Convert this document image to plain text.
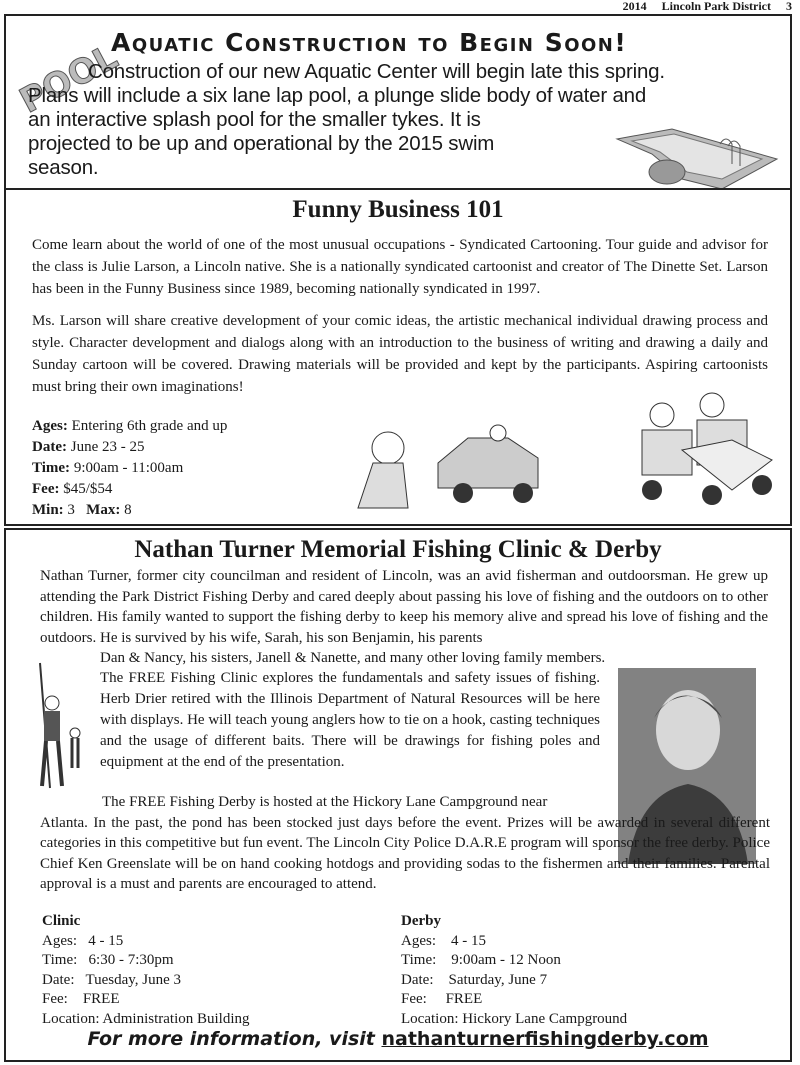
2014 Lincoln Park District 3
POOL
Aquatic Construction to Begin Soon!
Construction of our new Aquatic Center will begin late this spring.
Plans will include a six lane lap pool, a plunge slide body of water and
an interactive splash pool for the smaller tykes. It is
projected to be up and operational by the 2015 swim
season.
Funny Business 101

Come learn about the world of one of the most unusual occupations - Syndicated Cartooning. Tour guide and advisor for the class is Julie Larson, a Lincoln native. She is a nationally syndicated cartoonist and creator of The Dinette Set. Larson has been in the Funny Business since 1989, becoming nationally syndicated in 1997.

Ms. Larson will share creative development of your comic ideas, the artistic mechanical individual drawing process and style. Character development and dialogs along with an introduction to the business of writing and drawing a daily and Sunday cartoon will be covered. Drawing materials will be provided and kept by the participants. Aspiring cartoonists must bring their own imaginations!

Ages: Entering 6th grade and up
Date: June 23 - 25
Time: 9:00am - 11:00am
Fee: $45/$54
Min: 3 Max: 8
Nathan Turner Memorial Fishing Clinic & Derby

Nathan Turner, former city councilman and resident of Lincoln, was an avid fisherman and outdoorsman. He grew up attending the Park District Fishing Derby and cared deeply about passing his love of fishing and the outdoors on to other children. His family wanted to support the fishing derby to keep his memory alive and spread his love of fishing and the outdoors. He is survived by his wife, Sarah, his son Benjamin, his parents
Dan & Nancy, his sisters, Janell & Nanette, and many other loving family members.

The FREE Fishing Clinic explores the fundamentals and safety issues of fishing. Herb Drier retired with the Illinois Department of Natural Resources will be here with displays. He will teach young anglers how to tie on a hook, casting techniques and the usage of different baits. There will be drawings for fishing poles and equipment at the end of the presentation.
The FREE Fishing Derby is hosted at the Hickory Lane Campground near
Atlanta. In the past, the pond has been stocked just days before the event. Prizes will be awarded in several different categories in this competitive but fun event. The Lincoln City Police D.A.R.E program will sponsor the free derby. Police Chief Ken Greenslate will be on hand cooking hotdogs and providing sodas to the fishermen and their families. Parental approval is a must and parents are encouraged to attend.
Clinic
Ages:   4 - 15
Time:   6:30 - 7:30pm
Date:   Tuesday, June 3
Fee:    FREE
Location: Administration Building
Derby
Ages:    4 - 15
Time:    9:00am - 12 Noon
Date:    Saturday, June 7
Fee:     FREE
Location: Hickory Lane Campground
For more information, visit nathanturnerfishingderby.com
